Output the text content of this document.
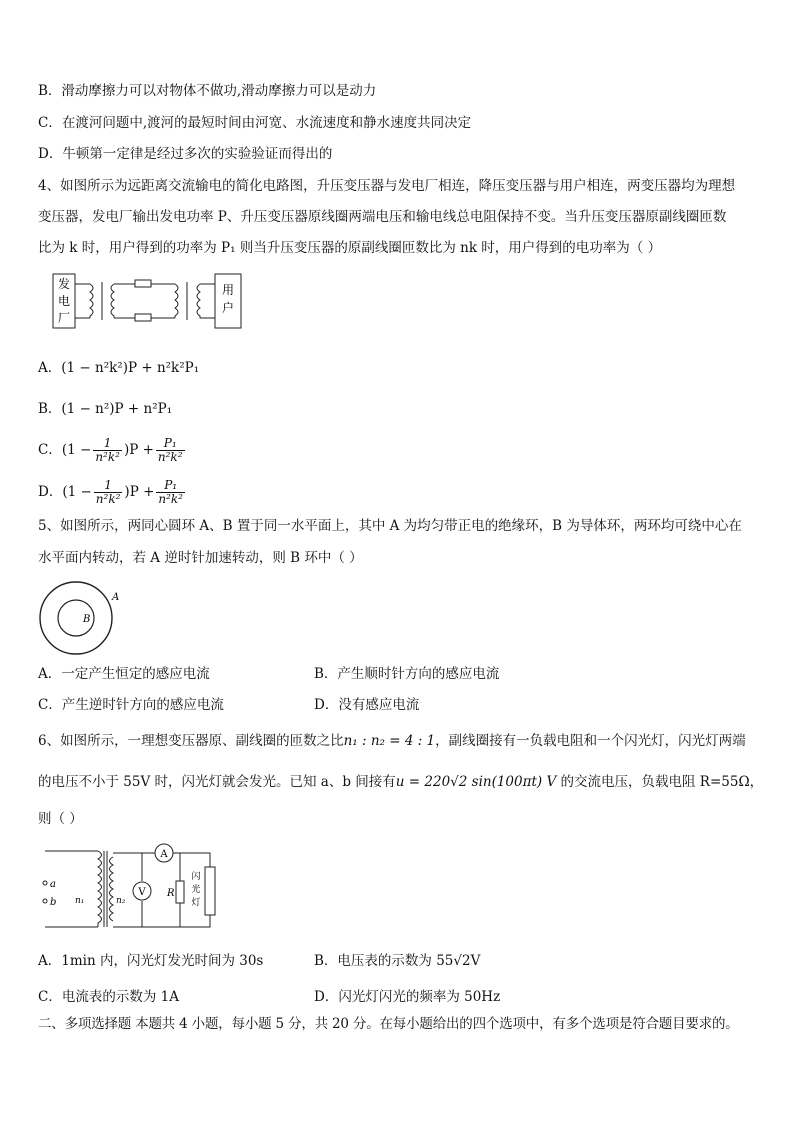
B．滑动摩擦力可以对物体不做功,滑动摩擦力可以是动力
C．在渡河问题中,渡河的最短时间由河宽、水流速度和静水速度共同决定
D．牛顿第一定律是经过多次的实验验证而得出的
4、如图所示为远距离交流输电的简化电路图，升压变压器与发电厂相连，降压变压器与用户相连，两变压器均为理想
变压器，发电厂输出发电功率 P、升压变压器原线圈两端电压和输电线总电阻保持不变。当升压变压器原副线圈匝数
比为 k 时，用户得到的功率为 P₁ 则当升压变压器的原副线圈匝数比为 nk 时，用户得到的电功率为（ ）
发
电
厂
用
户
A．(1 − n²k²)P + n²k²P₁
B．(1 − n²)P + n²P₁
C．$(1 - \frac{1}{\text{n²k²}} )P + \frac{\text{P₁}}{\text{n²k²}}$
D．$(1 - \frac{1}{\text{n²k²}} )P + \frac{\text{P₁}}{\text{n²k²}}$
5、如图所示，两同心圆环 A、B 置于同一水平面上，其中 A 为均匀带正电的绝缘环，B 为导体环，两环均可绕中心在
水平面内转动，若 A 逆时针加速转动，则 B 环中（ ）
A
B
A．一定产生恒定的感应电流	B．产生顺时针方向的感应电流
C．产生逆时针方向的感应电流	D．没有感应电流
6、如图所示，一理想变压器原、副线圈的匝数之比n₁ : n₂ = 4 : 1，副线圈接有一负载电阻和一个闪光灯，闪光灯两端
的电压不小于 55V 时，闪光灯就会发光。已知 a、b 间接有u = 220√2 sin(100πt) V 的交流电压，负载电阻 R=55Ω，
则（ ）
a
b n₁	n₂
A
V R
闪
光
灯
A．1min 内，闪光灯发光时间为 30s	B．电压表的示数为 55√2V
C．电流表的示数为 1A	D．闪光灯闪光的频率为 50Hz
二、多项选择题 本题共 4 小题，每小题 5 分，共 20 分。在每小题给出的四个选项中，有多个选项是符合题目要求的。
